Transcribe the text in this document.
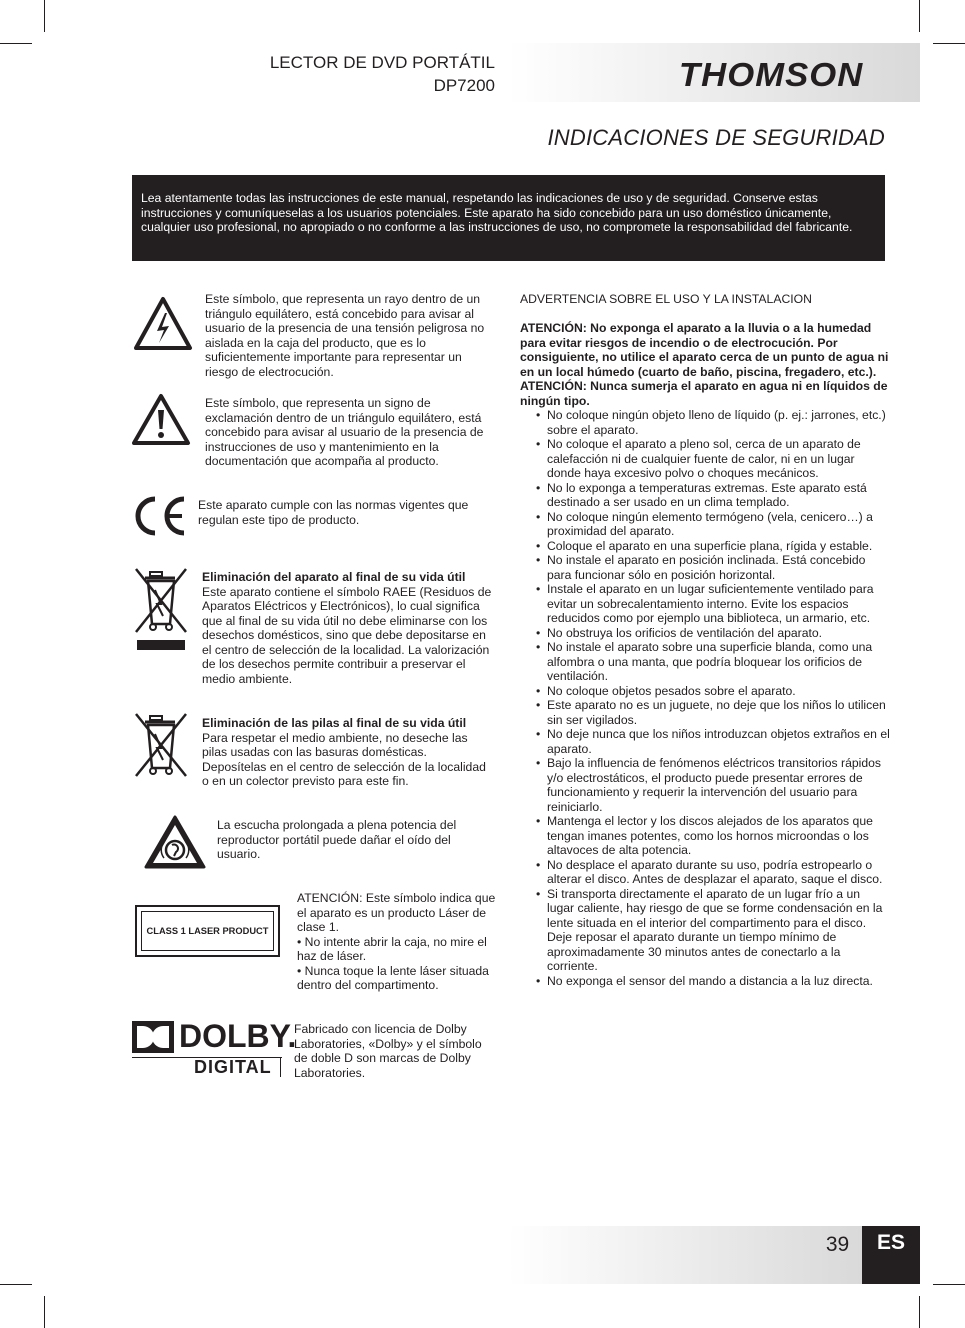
LECTOR DE DVD PORTÁTIL
DP7200	THOMSON
INDICACIONES DE SEGURIDAD
Lea atentamente todas las instrucciones de este manual, respetando las indicaciones de uso y de seguridad. Conserve estas instrucciones y comuníqueselas a los usuarios potenciales. Este aparato ha sido concebido para un uso doméstico únicamente, cualquier uso profesional, no apropiado o no conforme a las instrucciones de uso, no compromete la responsabilidad del fabricante.
Este símbolo, que representa un rayo dentro de un triángulo equilátero, está concebido para avisar al usuario de la presencia de una tensión peligrosa no aislada en la caja del producto, que es lo suficientemente importante para representar un riesgo de electrocución.
Este símbolo, que representa un signo de exclamación dentro de un triángulo equilátero, está concebido para avisar al usuario de la presencia de instrucciones de uso y mantenimiento en la documentación que acompaña al producto.
Este aparato cumple con las normas vigentes que regulan este tipo de producto.
Eliminación del aparato al final de su vida útil
Este aparato contiene el símbolo RAEE (Residuos de Aparatos Eléctricos y Electrónicos), lo cual significa que al final de su vida útil no debe eliminarse con los desechos domésticos, sino que debe depositarse en el centro de selección de la localidad. La valorización de los desechos permite contribuir a preservar el medio ambiente.
Eliminación de las pilas al final de su vida útil
Para respetar el medio ambiente, no deseche las pilas usadas con las basuras domésticas. Deposítelas en el centro de selección de la localidad o en un colector previsto para este fin.
La escucha prolongada a plena potencia del reproductor portátil puede dañar el oído del usuario.
CLASS 1 LASER PRODUCT
ATENCIÓN: Este símbolo indica que el aparato es un producto Láser de clase 1.
• No intente abrir la caja, no mire el haz de láser.
• Nunca toque la lente láser situada dentro del compartimento.
DOLBY.
DIGITAL
Fabricado con licencia de Dolby Laboratories, «Dolby» y el símbolo de doble D son marcas de Dolby Laboratories.

ADVERTENCIA SOBRE EL USO Y LA INSTALACION

ATENCIÓN: No exponga el aparato a la lluvia o a la humedad para evitar riesgos de incendio o de electrocución. Por consiguiente, no utilice el aparato cerca de un punto de agua ni en un local húmedo (cuarto de baño, piscina, fregadero, etc.).

ATENCIÓN: Nunca sumerja el aparato en agua ni en líquidos de ningún tipo.

• No coloque ningún objeto lleno de líquido (p. ej.: jarrones, etc.) sobre el aparato.
• No coloque el aparato a pleno sol, cerca de un aparato de calefacción ni de cualquier fuente de calor, ni en un lugar donde haya excesivo polvo o choques mecánicos.
• No lo exponga a temperaturas extremas. Este aparato está destinado a ser usado en un clima templado.
• No coloque ningún elemento termógeno (vela, cenicero…) a proximidad del aparato.
• Coloque el aparato en una superficie plana, rígida y estable.
• No instale el aparato en posición inclinada. Está concebido para funcionar sólo en posición horizontal.
• Instale el aparato en un lugar suficientemente ventilado para evitar un sobrecalentamiento interno. Evite los espacios reducidos como por ejemplo una biblioteca, un armario, etc.
• No obstruya los orificios de ventilación del aparato.
• No instale el aparato sobre una superficie blanda, como una alfombra o una manta, que podría bloquear los orificios de ventilación.
• No coloque objetos pesados sobre el aparato.
• Este aparato no es un juguete, no deje que los niños lo utilicen sin ser vigilados.
• No deje nunca que los niños introduzcan objetos extraños en el aparato.
• Bajo la influencia de fenómenos eléctricos transitorios rápidos y/o electrostáticos, el producto puede presentar errores de funcionamiento y requerir la intervención del usuario para reiniciarlo.
• Mantenga el lector y los discos alejados de los aparatos que tengan imanes potentes, como los hornos microondas o los altavoces de alta potencia.
• No desplace el aparato durante su uso, podría estropearlo o alterar el disco. Antes de desplazar el aparato, saque el disco.
• Si transporta directamente el aparato de un lugar frío a un lugar caliente, hay riesgo de que se forme condensación en la lente situada en el interior del compartimento para el disco. Deje reposar el aparato durante un tiempo mínimo de aproximadamente 30 minutos antes de conectarlo a la corriente.
• No exponga el sensor del mando a distancia a la luz directa.
39	ES
